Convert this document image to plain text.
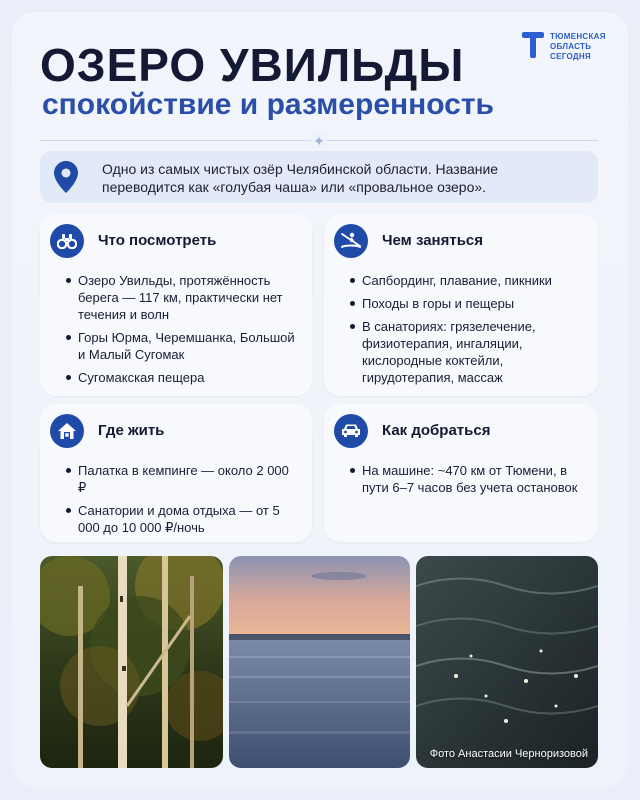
ОЗЕРО УВИЛЬДЫ
спокойствие и размеренность
ТЮМЕНСКАЯ
ОБЛАСТЬ
СЕГОДНЯ
✦
Одно из самых чистых озёр Челябинской области. Название переводится как «голубая чаша» или «провальное озеро».
Что посмотреть
Озеро Увильды, протяжённость берега — 117 км, практически нет течения и волн
Горы Юрма, Черемшанка, Большой и Малый Сугомак
Сугомакская пещера
Чем заняться
Сапбординг, плавание, пикники
Походы в горы и пещеры
В санаториях: грязелечение, физиотерапия, ингаляции, кислородные коктейли, гирудотерапия, массаж
Где жить
Палатка в кемпинге — около 2 000 ₽
Санатории и дома отдыха — от 5 000 до 10 000 ₽/ночь
Как добраться
На машине: ~470 км от Тюмени, в пути 6–7 часов без учета остановок
Фото Анастасии Черноризовой
